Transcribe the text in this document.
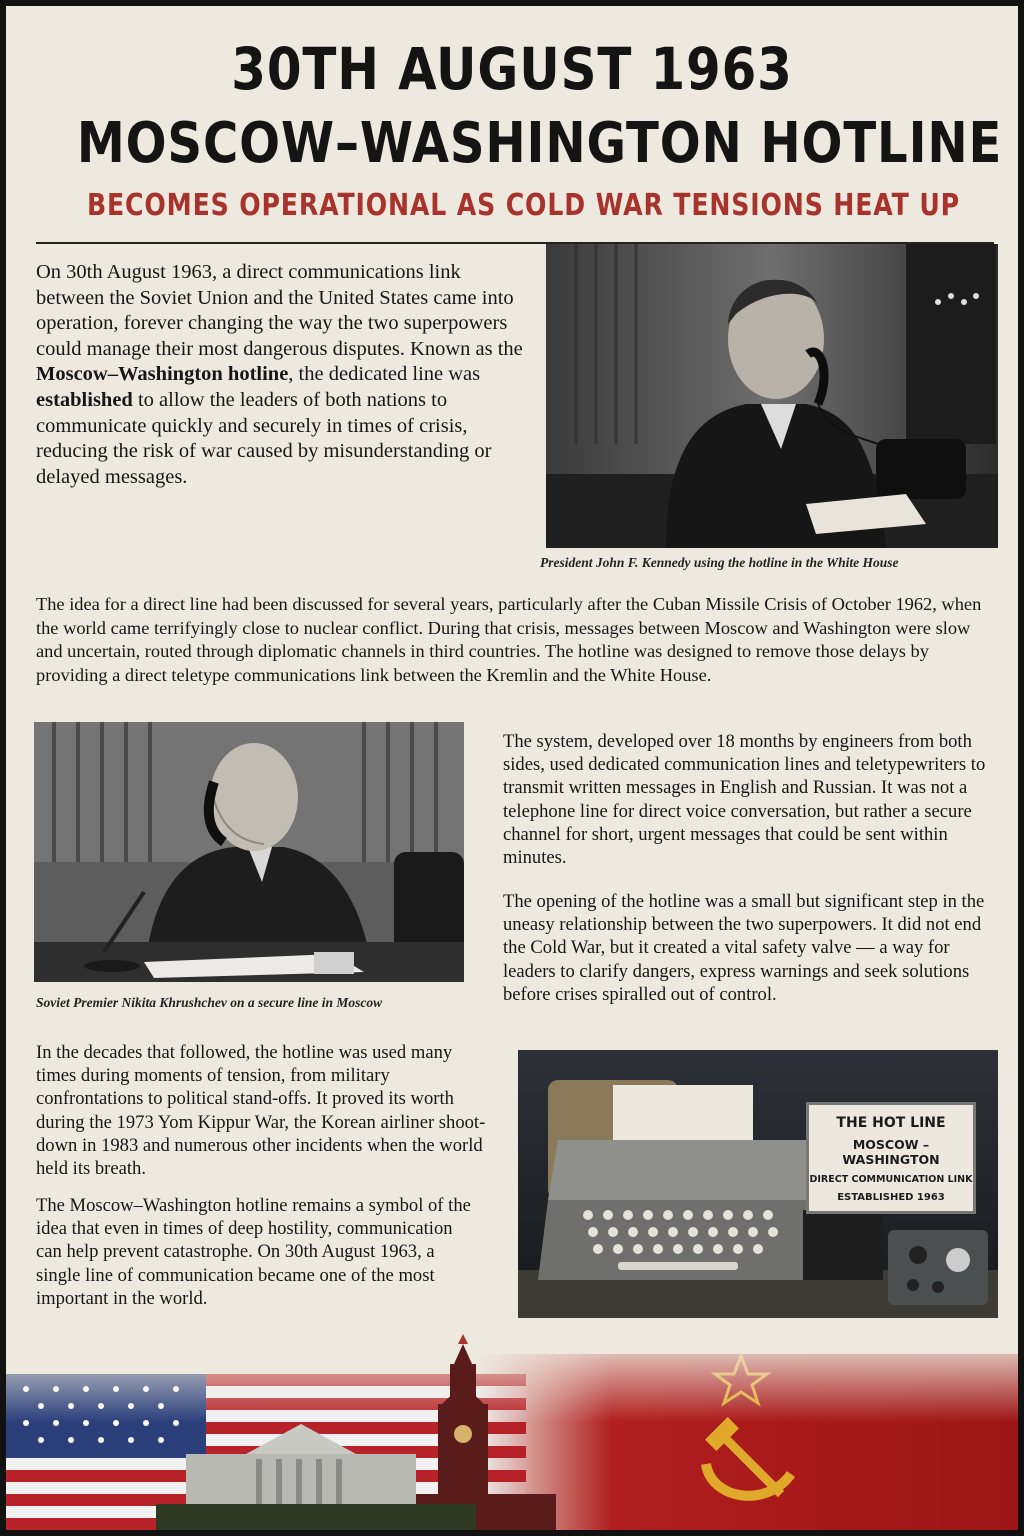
30TH AUGUST 1963
MOSCOW–WASHINGTON HOTLINE
BECOMES OPERATIONAL AS COLD WAR TENSIONS HEAT UP
On 30th August 1963, a direct communications link between the Soviet Union and the United States came into operation, forever changing the way the two superpowers could manage their most dangerous disputes. Known as the Moscow–Washington hotline, the dedicated line was established to allow the leaders of both nations to communicate quickly and securely in times of crisis, reducing the risk of war caused by misunderstanding or delayed messages.
President John F. Kennedy using the hotline in the White House
The idea for a direct line had been discussed for several years, particularly after the Cuban Missile Crisis of October 1962, when the world came terrifyingly close to nuclear conflict. During that crisis, messages between Moscow and Washington were slow and uncertain, routed through diplomatic channels in third countries. The hotline was designed to remove those delays by providing a direct teletype communications link between the Kremlin and the White House.
Soviet Premier Nikita Khrushchev on a secure line in Moscow
The system, developed over 18 months by engineers from both sides, used dedicated communication lines and teletypewriters to transmit written messages in English and Russian. It was not a telephone line for direct voice conversation, but rather a secure channel for short, urgent messages that could be sent within minutes.
The opening of the hotline was a small but significant step in the uneasy relationship between the two superpowers. It did not end the Cold War, but it created a vital safety valve — a way for leaders to clarify dangers, express warnings and seek solutions before crises spiralled out of control.
In the decades that followed, the hotline was used many times during moments of tension, from military confrontations to political stand-offs. It proved its worth during the 1973 Yom Kippur War, the Korean airliner shoot-down in 1983 and numerous other incidents when the world held its breath.
The Moscow–Washington hotline remains a symbol of the idea that even in times of deep hostility, communication can help prevent catastrophe. On 30th August 1963, a single line of communication became one of the most important in the world.
THE HOT LINE
MOSCOW – WASHINGTON
DIRECT COMMUNICATION LINK
ESTABLISHED 1963
